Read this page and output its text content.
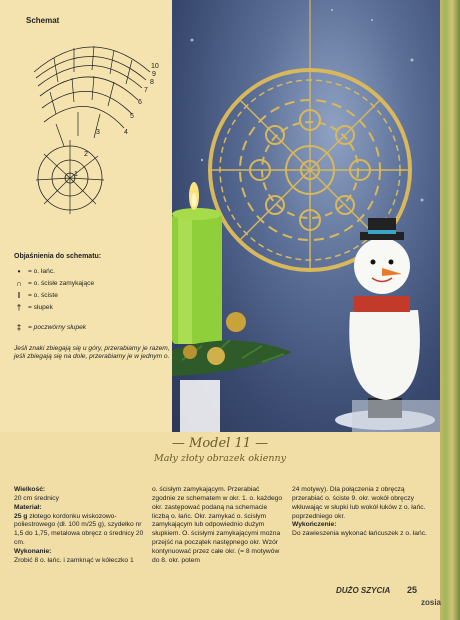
Schemat
10
9
8
7
6
5
4
3
2
1
Objaśnienia do schematu:
•	= o. łańc.
∩ = o. ścisłe zamykające
I	= o. ściste
†	= słupek
‡	= poczwórny słupek
Jeśli znaki zbiegają się u góry, przerabiamy je razem, jeśli zbiegają się na dole, przerabiamy je w jednym o.
— Model 11 —
Mały złoty obrazek okienny
Wielkość:
20 cm średnicy
Materiał:
25 g złotego kordonku wiskozowo-poliestrowego (dł. 100 m/25 g), szydełko nr 1,5 do 1,75, metalowa obręcz o średnicy 20 cm.
Wykonanie:
Zrobić 8 o. łańc. i zamknąć w kółeczko 1
o. ścisłym zamykającym. Przerabiać zgodnie ze schematem w okr. 1. o. każdego okr. zastępować podaną na schemacie liczbą o. łańc. Okr. zamykać o. ścisłym zamykającym lub odpowiednio dużym słupkiem. O. ścisłymi zamykającymi można przejść na początek następnego okr. Wzór kontynuować przez całe okr. (= 8 motywów do 8. okr. potem
24 motywy). Dla połączenia z obręczą przerabiać o. ściste 9. okr. wokół obręczy wkłuwając w słupki lub wokół łuków z o. łańc. poprzedniego okr.
Wykończenie:
Do zawieszenia wykonać łańcuszek z o. łańc.
DUŻO SZYCIA 25
zosia
